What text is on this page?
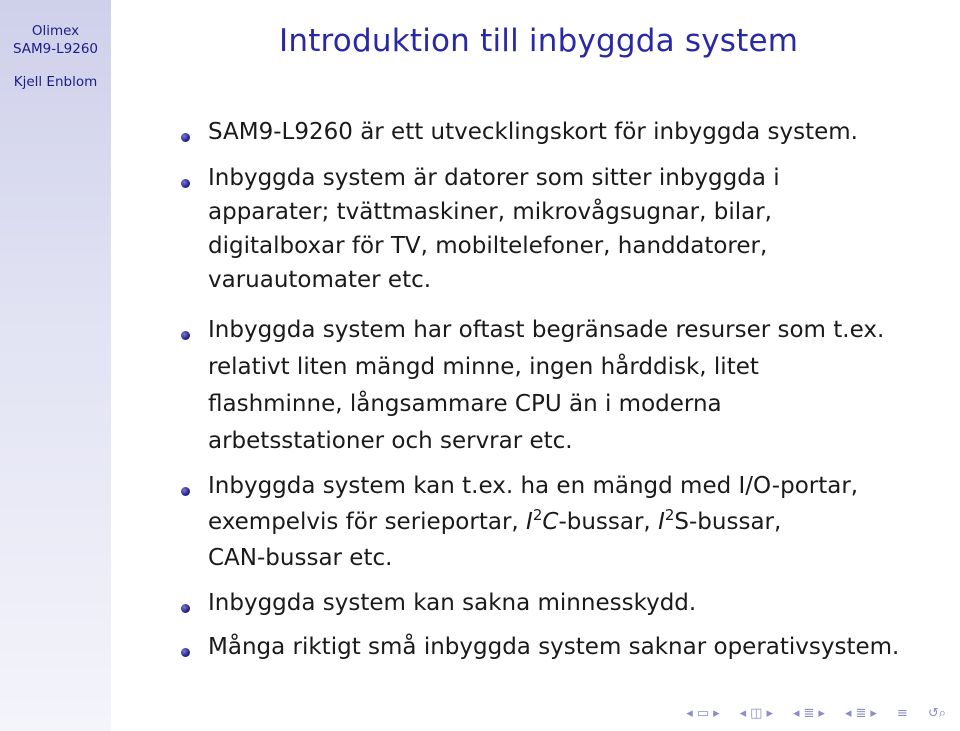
Olimex
SAM9-L9260
Kjell Enblom
Introduktion till inbyggda system
SAM9-L9260 är ett utvecklingskort för inbyggda system.
Inbyggda system är datorer som sitter inbyggda i
apparater; tvättmaskiner, mikrovågsugnar, bilar,
digitalboxar för TV, mobiltelefoner, handdatorer,
varuautomater etc.
Inbyggda system har oftast begränsade resurser som t.ex.
relativt liten mängd minne, ingen hårddisk, litet
flashminne, långsammare CPU än i moderna
arbetsstationer och servrar etc.
Inbyggda system kan t.ex. ha en mängd med I/O-portar,
exempelvis för serieportar, $I^2C$-bussar, $I^2S$-bussar,
CAN-bussar etc.
Inbyggda system kan sakna minnesskydd.
Många riktigt små inbyggda system saknar operativsystem.
◂ ▭ ▸ ◂ ◫ ▸ ◂ ≣ ▸ ◂ ≣ ▸ ≡ ↺⌕
